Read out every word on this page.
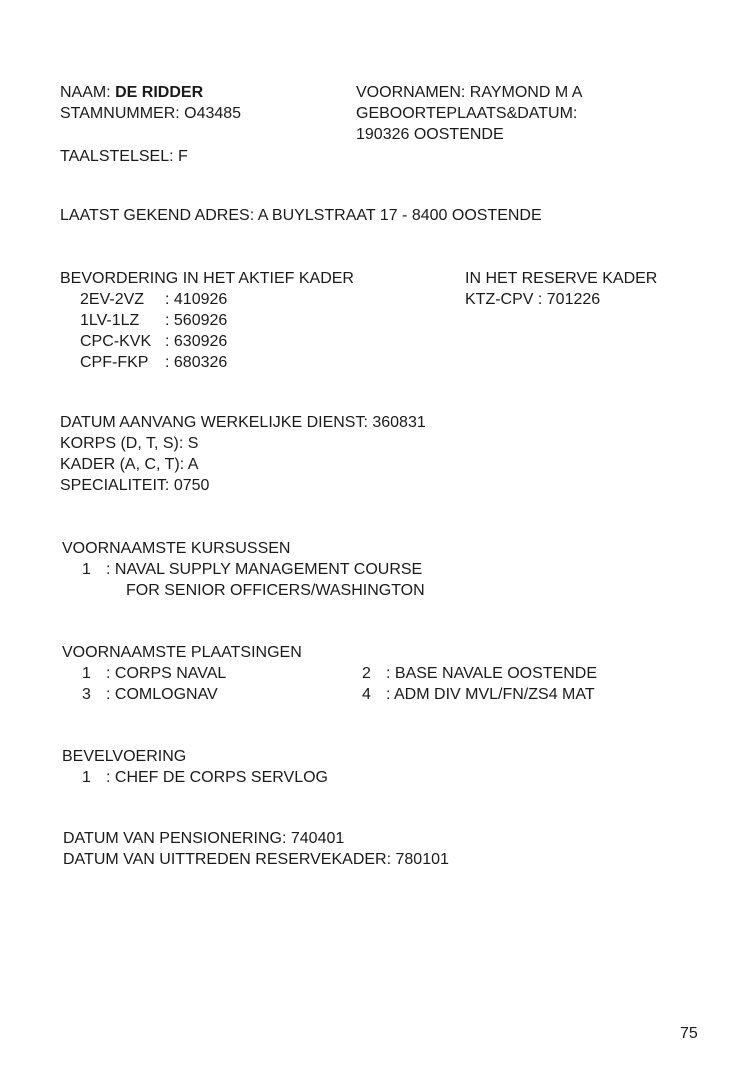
NAAM: DE RIDDER
STAMNUMMER: O43485
TAALSTELSEL: F
VOORNAMEN: RAYMOND M A
GEBOORTEPLAATS&DATUM:
190326 OOSTENDE
LAATST GEKEND ADRES: A BUYLSTRAAT 17 - 8400 OOSTENDE
BEVORDERING IN HET AKTIEF KADER
2EV-2VZ : 410926
1LV-1LZ : 560926
CPC-KVK : 630926
CPF-FKP : 680326
IN HET RESERVE KADER
KTZ-CPV : 701226
DATUM AANVANG WERKELIJKE DIENST: 360831
KORPS (D, T, S): S
KADER (A, C, T): A
SPECIALITEIT: 0750
VOORNAAMSTE KURSUSSEN
1 : NAVAL SUPPLY MANAGEMENT COURSE
FOR SENIOR OFFICERS/WASHINGTON
VOORNAAMSTE PLAATSINGEN
1 : CORPS NAVAL
3 : COMLOGNAV
2 : BASE NAVALE OOSTENDE
4 : ADM DIV MVL/FN/ZS4 MAT
BEVELVOERING
1 : CHEF DE CORPS SERVLOG
DATUM VAN PENSIONERING: 740401
DATUM VAN UITTREDEN RESERVEKADER: 780101
75
